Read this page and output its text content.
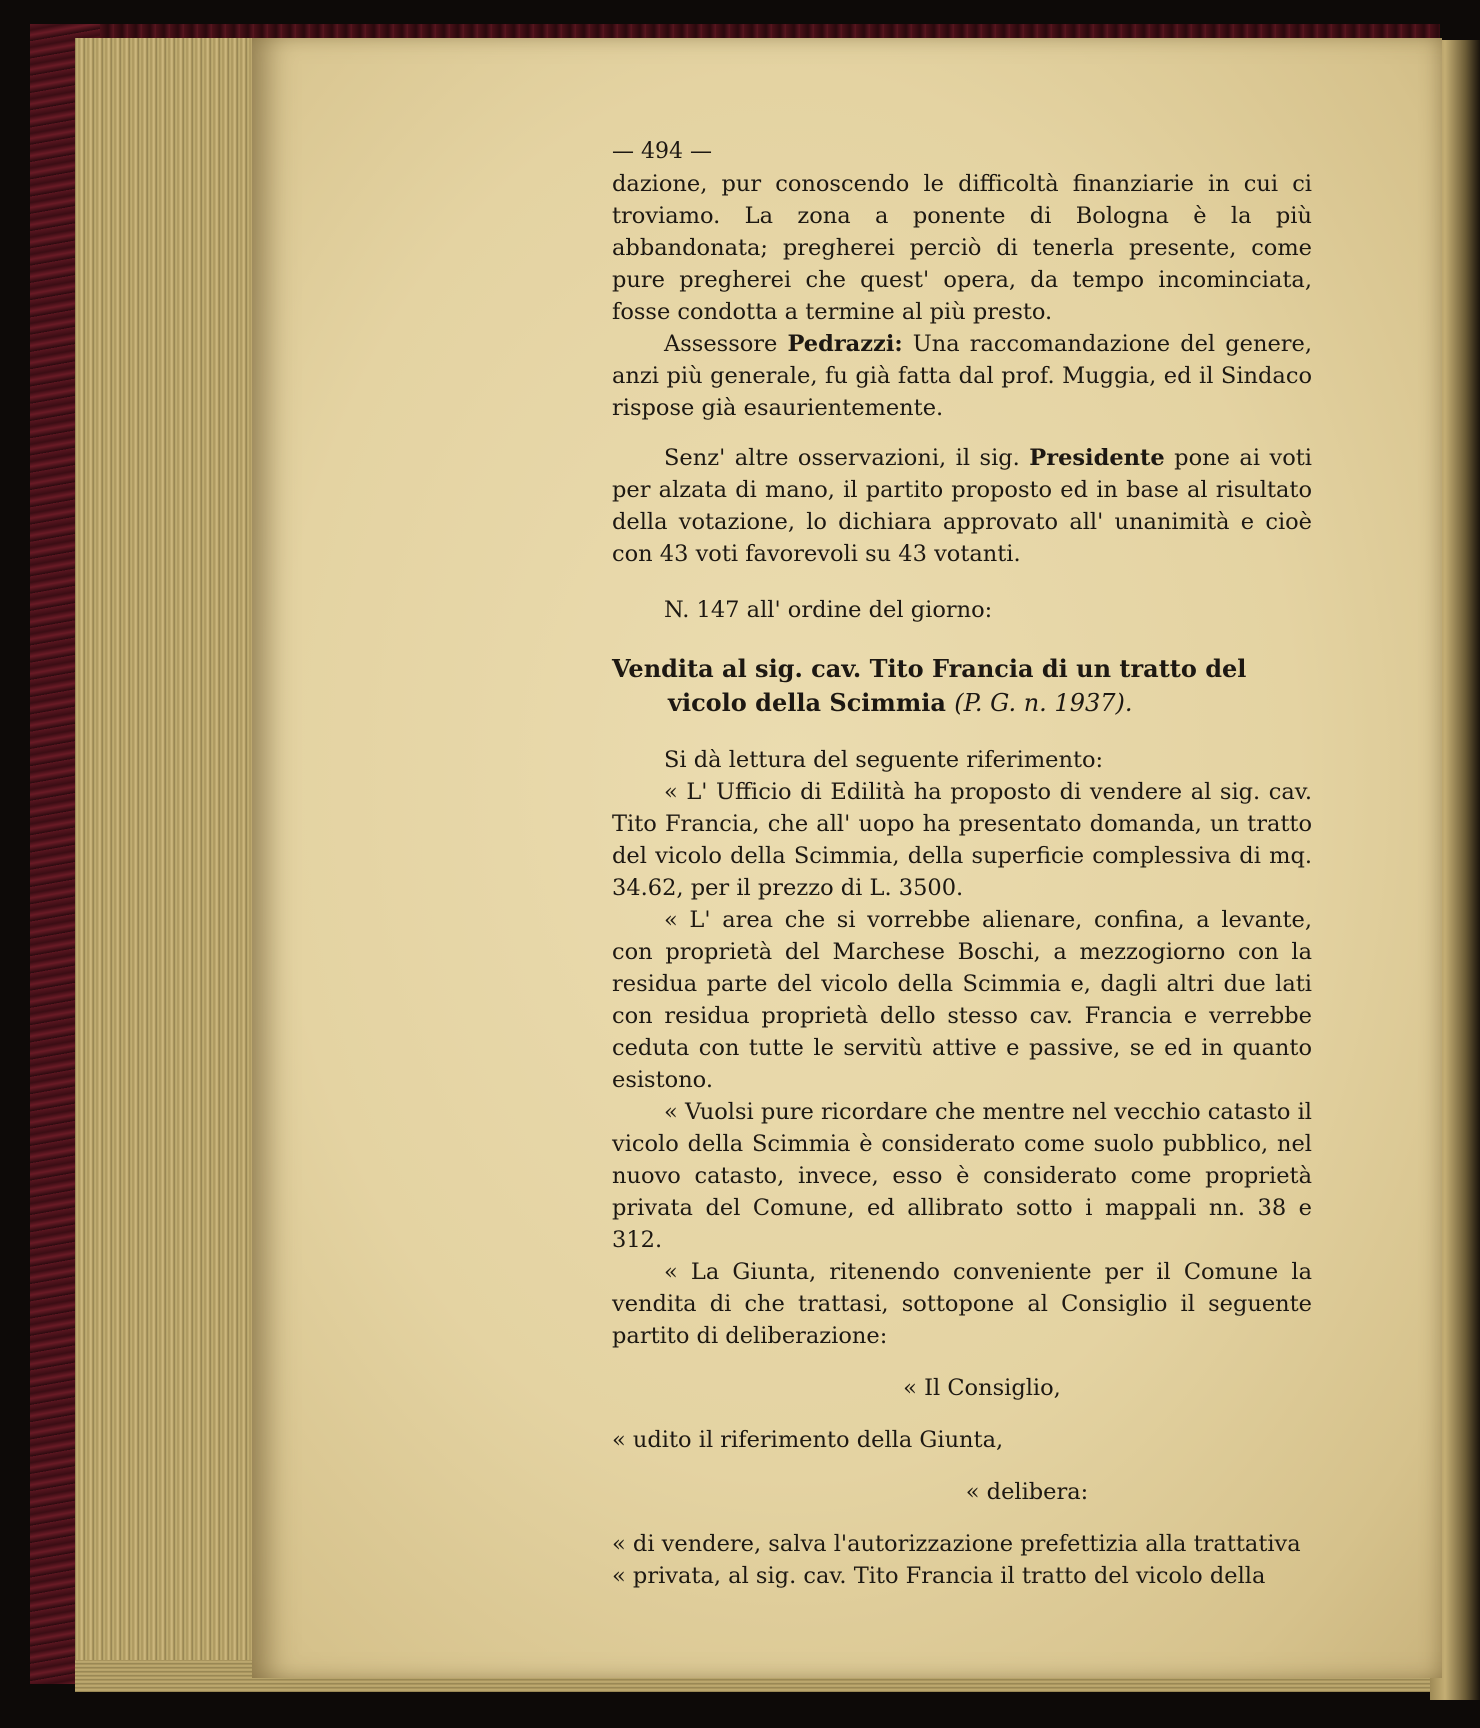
— 494 —

dazione, pur conoscendo le difficoltà finanziarie in cui ci troviamo. La zona a ponente di Bologna è la più abbandonata; pregherei perciò di tenerla presente, come pure pregherei che quest' opera, da tempo incominciata, fosse condotta a termine al più presto.

Assessore Pedrazzi: Una raccomandazione del genere, anzi più generale, fu già fatta dal prof. Muggia, ed il Sindaco rispose già esaurientemente.

Senz' altre osservazioni, il sig. Presidente pone ai voti per alzata di mano, il partito proposto ed in base al risultato della votazione, lo dichiara approvato all' unanimità e cioè con 43 voti favorevoli su 43 votanti.

N. 147 all' ordine del giorno:

Vendita al sig. cav. Tito Francia di un tratto del vicolo della Scimmia (P. G. n. 1937).

Si dà lettura del seguente riferimento:

« L' Ufficio di Edilità ha proposto di vendere al sig. cav. Tito Francia, che all' uopo ha presentato domanda, un tratto del vicolo della Scimmia, della superficie complessiva di mq. 34.62, per il prezzo di L. 3500.

« L' area che si vorrebbe alienare, confina, a levante, con proprietà del Marchese Boschi, a mezzogiorno con la residua parte del vicolo della Scimmia e, dagli altri due lati con residua proprietà dello stesso cav. Francia e verrebbe ceduta con tutte le servitù attive e passive, se ed in quanto esistono.

« Vuolsi pure ricordare che mentre nel vecchio catasto il vicolo della Scimmia è considerato come suolo pubblico, nel nuovo catasto, invece, esso è considerato come proprietà privata del Comune, ed allibrato sotto i mappali nn. 38 e 312.

« La Giunta, ritenendo conveniente per il Comune la vendita di che trattasi, sottopone al Consiglio il seguente partito di deliberazione:

« Il Consiglio,

« udito il riferimento della Giunta,

« delibera:

« di vendere, salva l'autorizzazione prefettizia alla trattativa

« privata, al sig. cav. Tito Francia il tratto del vicolo della
